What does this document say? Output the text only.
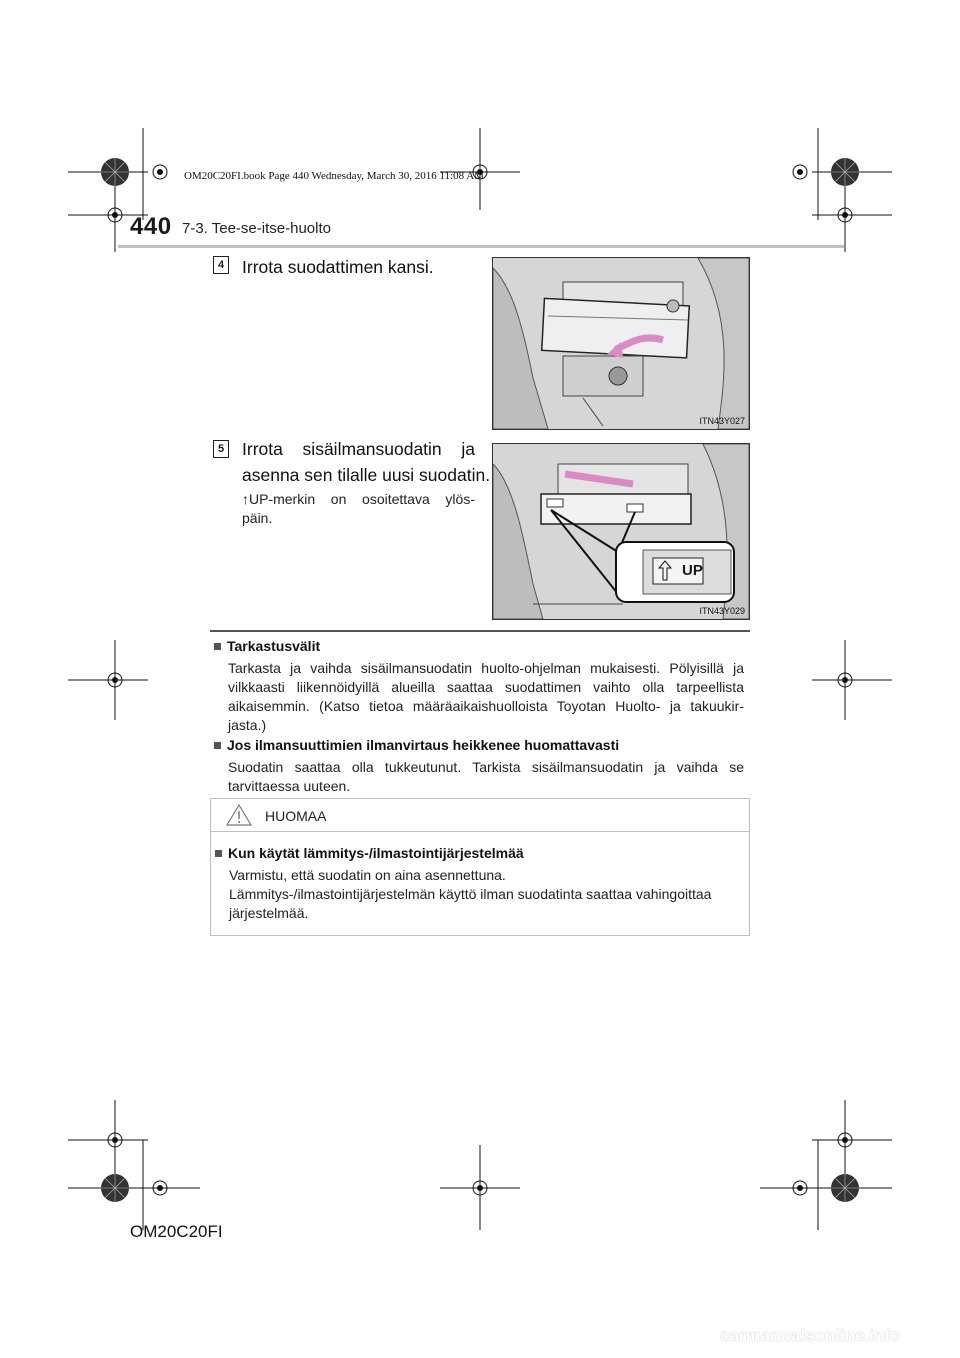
OM20C20FI.book Page 440 Wednesday, March 30, 2016 11:08 AM
440 7-3. Tee-se-itse-huolto
4 Irrota suodattimen kansi.
ITN43Y027
5 Irrota sisäilmansuodatin ja
asenna sen tilalle uusi suodatin.
↑UP-merkin on osoitettava ylös-
päin.
UP
ITN43Y029
Tarkastusvälit
Tarkasta ja vaihda sisäilmansuodatin huolto-ohjelman mukaisesti. Pölyisillä ja
vilkkaasti liikennöidyillä alueilla saattaa suodattimen vaihto olla tarpeellista
aikaisemmin. (Katso tietoa määräaikaishuolloista Toyotan Huolto- ja takuukir-
jasta.)
Jos ilmansuuttimien ilmanvirtaus heikkenee huomattavasti
Suodatin saattaa olla tukkeutunut. Tarkista sisäilmansuodatin ja vaihda se
tarvittaessa uuteen.
HUOMAA
Kun käytät lämmitys-/ilmastointijärjestelmää
Varmistu, että suodatin on aina asennettuna.
Lämmitys-/ilmastointijärjestelmän käyttö ilman suodatinta saattaa vahingoittaa
järjestelmää.
OM20C20FI
carmanualsonline.info
